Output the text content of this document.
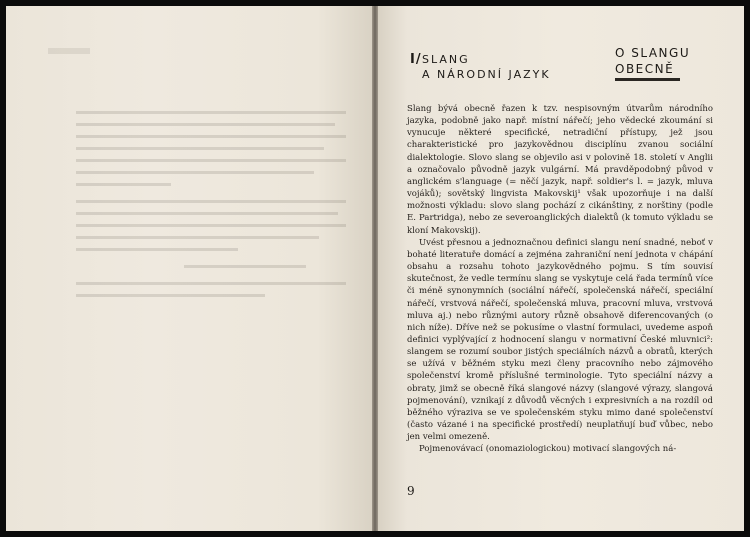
I/ SLANG
A NÁRODNÍ JAZYK
O SLANGU
OBECNĚ

Slang bývá obecně řazen k tzv. nespisovným útvarům národního jazyka, podobně jako např. místní nářečí; jeho vědecké zkoumání si vynucuje některé specifické, netradiční přístupy, jež jsou charakteristické pro jazykovědnou disciplínu zvanou sociální dialektologie. Slovo slang se objevilo asi v polovině 18. století v Anglii a označovalo původně jazyk vulgární. Má pravděpodobný původ v anglickém s'language (= něčí jazyk, např. soldier's l. = jazyk, mluva vojáků); sovětský lingvista Makovskij¹ však upozorňuje i na další možnosti výkladu: slovo slang pochází z cikánštiny, z norštiny (podle E. Partridga), nebo ze severoanglických dialektů (k tomuto výkladu se kloní Makovskij).

Uvést přesnou a jednoznačnou definici slangu není snadné, neboť v bohaté literatuře domácí a zejména zahraniční není jednota v chápání obsahu a rozsahu tohoto jazykovědného pojmu. S tím souvisí skutečnost, že vedle termínu slang se vyskytuje celá řada termínů více či méně synonymních (sociální nářečí, společenská nářečí, speciální nářečí, vrstvová nářečí, společenská mluva, pracovní mluva, vrstvová mluva aj.) nebo různými autory různě obsahově diferencovaných (o nich níže). Dříve než se pokusíme o vlastní formulaci, uvedeme aspoň definici vyplývající z hodnocení slangu v normativní České mluvnici²: slangem se rozumí soubor jistých speciálních názvů a obratů, kterých se užívá v běžném styku mezi členy pracovního nebo zájmového společenství kromě příslušné terminologie. Tyto speciální názvy a obraty, jimž se obecně říká slangové názvy (slangové výrazy, slangová pojmenování), vznikají z důvodů věcných i expresivních a na rozdíl od běžného výraziva se ve společenském styku mimo dané společenství (často vázané i na specifické prostředí) neuplatňují buď vůbec, nebo jen velmi omezeně.

Pojmenovávací (onomaziologickou) motivací slangových ná-

9
